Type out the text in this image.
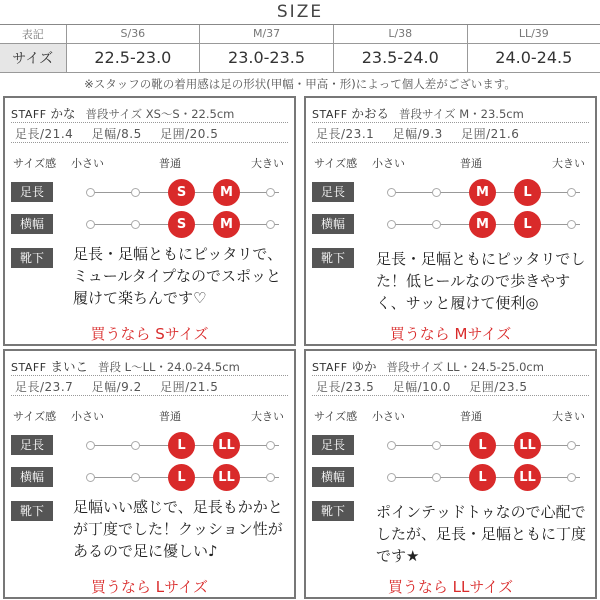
SIZE
表記	S/36	M/37	L/38	LL/39
サイズ	22.5-23.0	23.0-23.5	23.5-24.0	24.0-24.5
※スタッフの靴の着用感は足の形状(甲幅・甲高・形)によって個人差がございます。
STAFF かな 普段サイズ XS〜S・22.5cm
足長/21.4 足幅/8.5 足囲/20.5
サイズ感 小さい	普通	大きい
足長
横幅
靴下
S	M
S	M
足長・足幅ともにピッタリで、ミュールタイプなのでスポッと履けて楽ちんです♡
買うなら Sサイズ
STAFF かおる 普段サイズ M・23.5cm
足長/23.1 足幅/9.3 足囲/21.6
サイズ感 小さい	普通	大きい
足長
横幅
靴下
M	L
M	L
足長・足幅ともにピッタリでした！低ヒールなので歩きやすく、サッと履けて便利◎
買うなら Mサイズ
STAFF まいこ 普段 L〜LL・24.0-24.5cm
足長/23.7 足幅/9.2 足囲/21.5
サイズ感 小さい	普通	大きい
足長
横幅
靴下
L	LL
L	LL
足幅いい感じで、足長もかかとが丁度でした！クッション性があるので足に優しい♪
買うなら Lサイズ
STAFF ゆか 普段サイズ LL・24.5-25.0cm
足長/23.5 足幅/10.0 足囲/23.5
サイズ感 小さい	普通	大きい
足長
横幅
靴下
L	LL
L	LL
ポインテッドトゥなので心配でしたが、足長・足幅ともに丁度です★
買うなら LLサイズ
